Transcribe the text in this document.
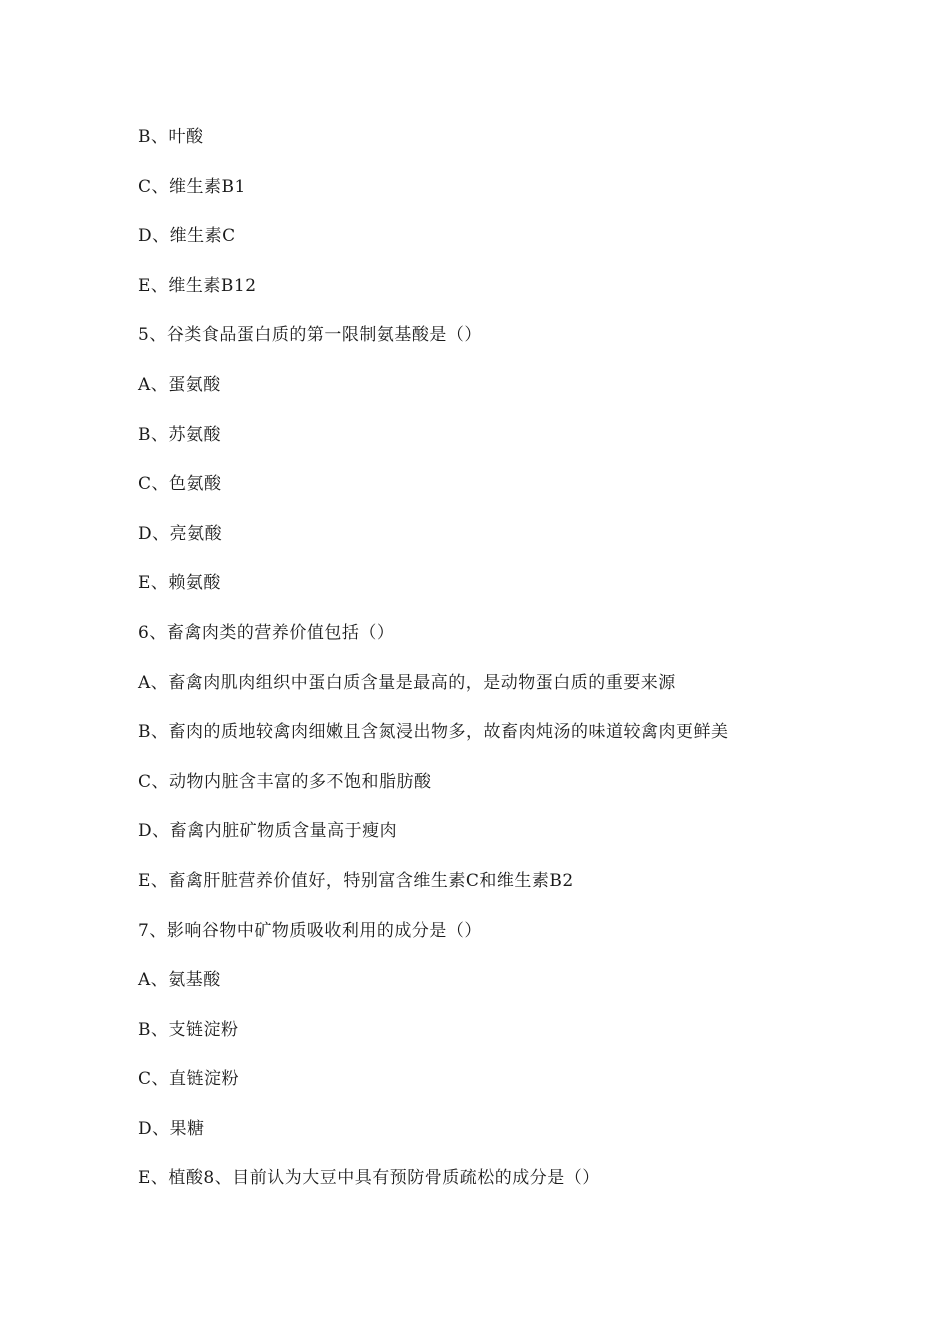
B、叶酸
C、维生素B1
D、维生素C
E、维生素B12
5、谷类食品蛋白质的第一限制氨基酸是（）
A、蛋氨酸
B、苏氨酸
C、色氨酸
D、亮氨酸
E、赖氨酸
6、畜禽肉类的营养价值包括（）
A、畜禽肉肌肉组织中蛋白质含量是最高的，是动物蛋白质的重要来源
B、畜肉的质地较禽肉细嫩且含氮浸出物多，故畜肉炖汤的味道较禽肉更鲜美
C、动物内脏含丰富的多不饱和脂肪酸
D、畜禽内脏矿物质含量高于瘦肉
E、畜禽肝脏营养价值好，特别富含维生素C和维生素B2
7、影响谷物中矿物质吸收利用的成分是（）
A、氨基酸
B、支链淀粉
C、直链淀粉
D、果糖
E、植酸8、目前认为大豆中具有预防骨质疏松的成分是（）
